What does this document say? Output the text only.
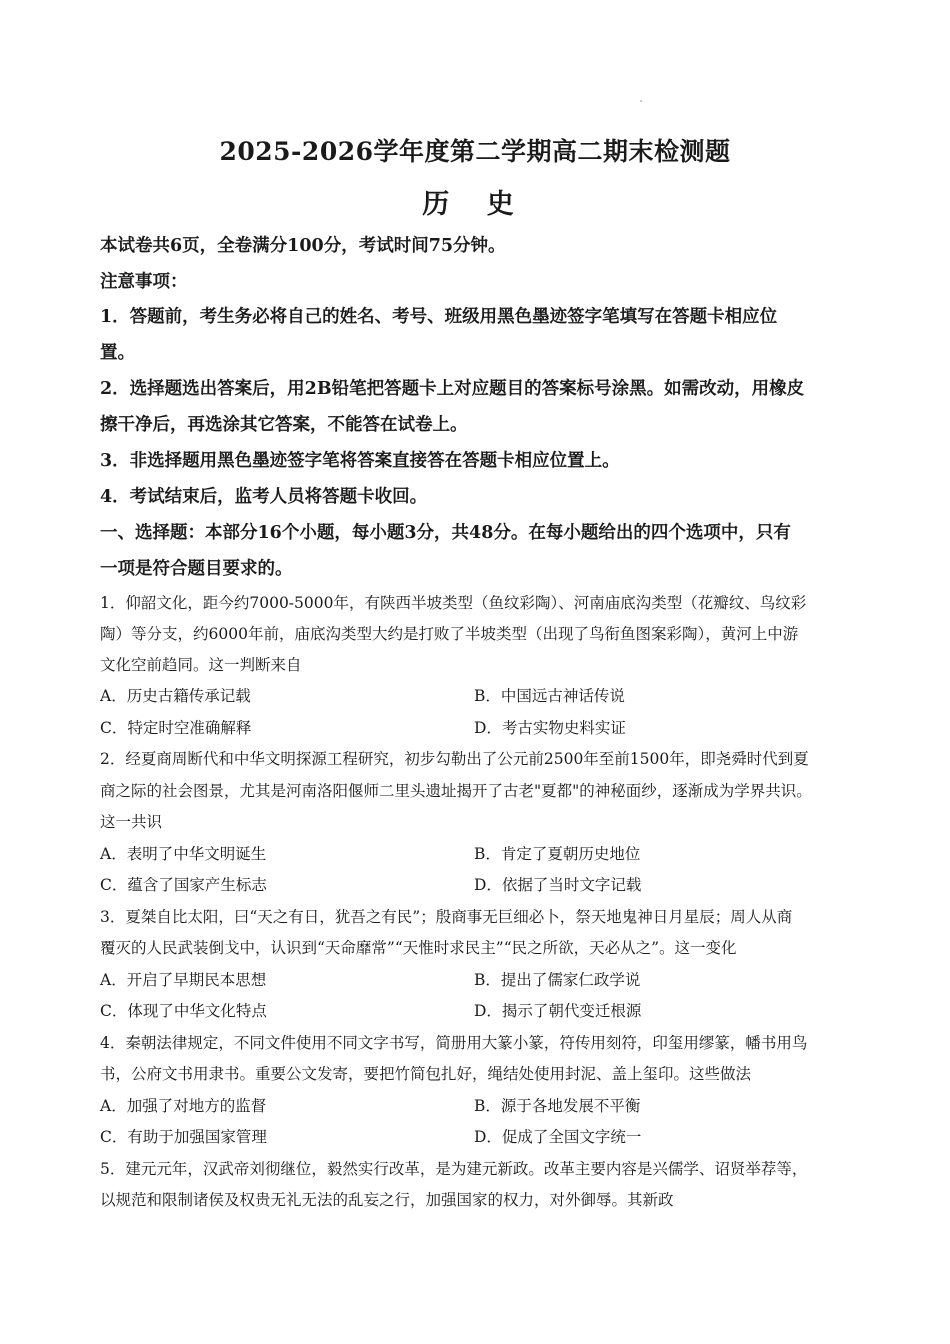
2025-2026学年度第二学期高二期末检测题
历 史
本试卷共6页，全卷满分100分，考试时间75分钟。
注意事项：
1．答题前，考生务必将自己的姓名、考号、班级用黑色墨迹签字笔填写在答题卡相应位
置。
2．选择题选出答案后，用2B铅笔把答题卡上对应题目的答案标号涂黑。如需改动，用橡皮
擦干净后，再选涂其它答案，不能答在试卷上。
3．非选择题用黑色墨迹签字笔将答案直接答在答题卡相应位置上。
4．考试结束后，监考人员将答题卡收回。
一、选择题：本部分16个小题，每小题3分，共48分。在每小题给出的四个选项中，只有
一项是符合题目要求的。
1．仰韶文化，距今约7000-5000年，有陕西半坡类型（鱼纹彩陶）、河南庙底沟类型（花瓣纹、鸟纹彩
陶）等分支，约6000年前，庙底沟类型大约是打败了半坡类型（出现了鸟衔鱼图案彩陶），黄河上中游
文化空前趋同。这一判断来自
A．历史古籍传承记载	B．中国远古神话传说
C．特定时空准确解释	D．考古实物史料实证
2．经夏商周断代和中华文明探源工程研究，初步勾勒出了公元前2500年至前1500年，即尧舜时代到夏
商之际的社会图景，尤其是河南洛阳偃师二里头遗址揭开了古老"夏都"的神秘面纱，逐渐成为学界共识。
这一共识
A．表明了中华文明诞生	B．肯定了夏朝历史地位
C．蕴含了国家产生标志	D．依据了当时文字记载
3．夏桀自比太阳，曰“天之有日，犹吾之有民”；殷商事无巨细必卜，祭天地鬼神日月星辰；周人从商
覆灭的人民武装倒戈中，认识到“天命靡常”“天惟时求民主”“民之所欲，天必从之”。这一变化
A．开启了早期民本思想	B．提出了儒家仁政学说
C．体现了中华文化特点	D．揭示了朝代变迁根源
4．秦朝法律规定，不同文件使用不同文字书写，简册用大篆小篆，符传用刻符，印玺用缪篆，幡书用鸟
书，公府文书用隶书。重要公文发寄，要把竹简包扎好，绳结处使用封泥、盖上玺印。这些做法
A．加强了对地方的监督	B．源于各地发展不平衡
C．有助于加强国家管理	D．促成了全国文字统一
5．建元元年，汉武帝刘彻继位，毅然实行改革，是为建元新政。改革主要内容是兴儒学、诏贤举荐等，
以规范和限制诸侯及权贵无礼无法的乱妄之行，加强国家的权力，对外御辱。其新政
